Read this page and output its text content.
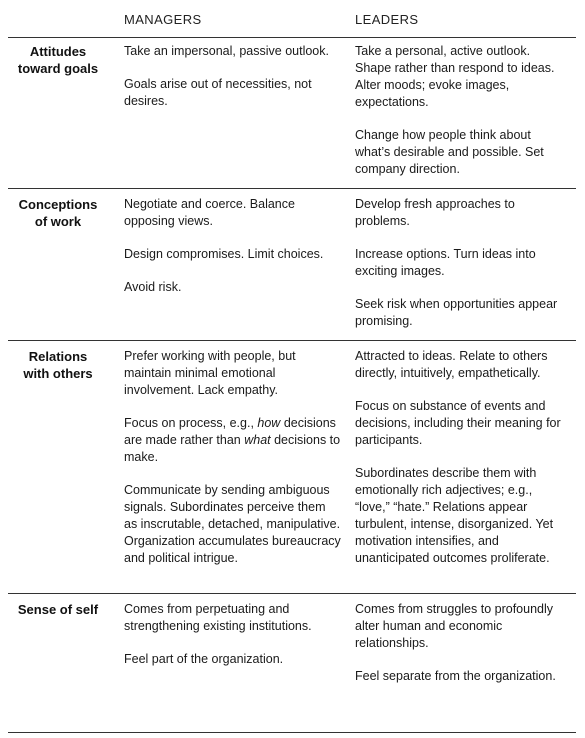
MANAGERS	LEADERS
Attitudes
toward goals

Take an impersonal, passive outlook.

Goals arise out of necessities, not desires.

Take a personal, active outlook. Shape rather than respond to ideas. Alter moods; evoke images, expectations.

Change how people think about what’s desirable and possible. Set company direction.

Conceptions
of work

Negotiate and coerce. Balance opposing views.

Design compromises. Limit choices.

Avoid risk.

Develop fresh approaches to problems.

Increase options. Turn ideas into exciting images.

Seek risk when opportunities appear promising.

Relations
with others

Prefer working with people, but maintain minimal emotional involvement. Lack empathy.

Focus on process, e.g., how decisions are made rather than what decisions to make.

Communicate by sending ambiguous signals. Subordinates perceive them as inscrutable, detached, manipulative. Organization accumulates bureaucracy and political intrigue.

Attracted to ideas. Relate to others directly, intuitively, empathetically.

Focus on substance of events and decisions, including their meaning for participants.

Subordinates describe them with emotionally rich adjectives; e.g., “love,” “hate.” Relations appear turbulent, intense, disorganized. Yet motivation intensifies, and unanticipated outcomes proliferate.

Sense of self	Comes from perpetuating and strengthening existing institutions.

Feel part of the organization.

Comes from struggles to profoundly alter human and economic relationships.

Feel separate from the organization.
